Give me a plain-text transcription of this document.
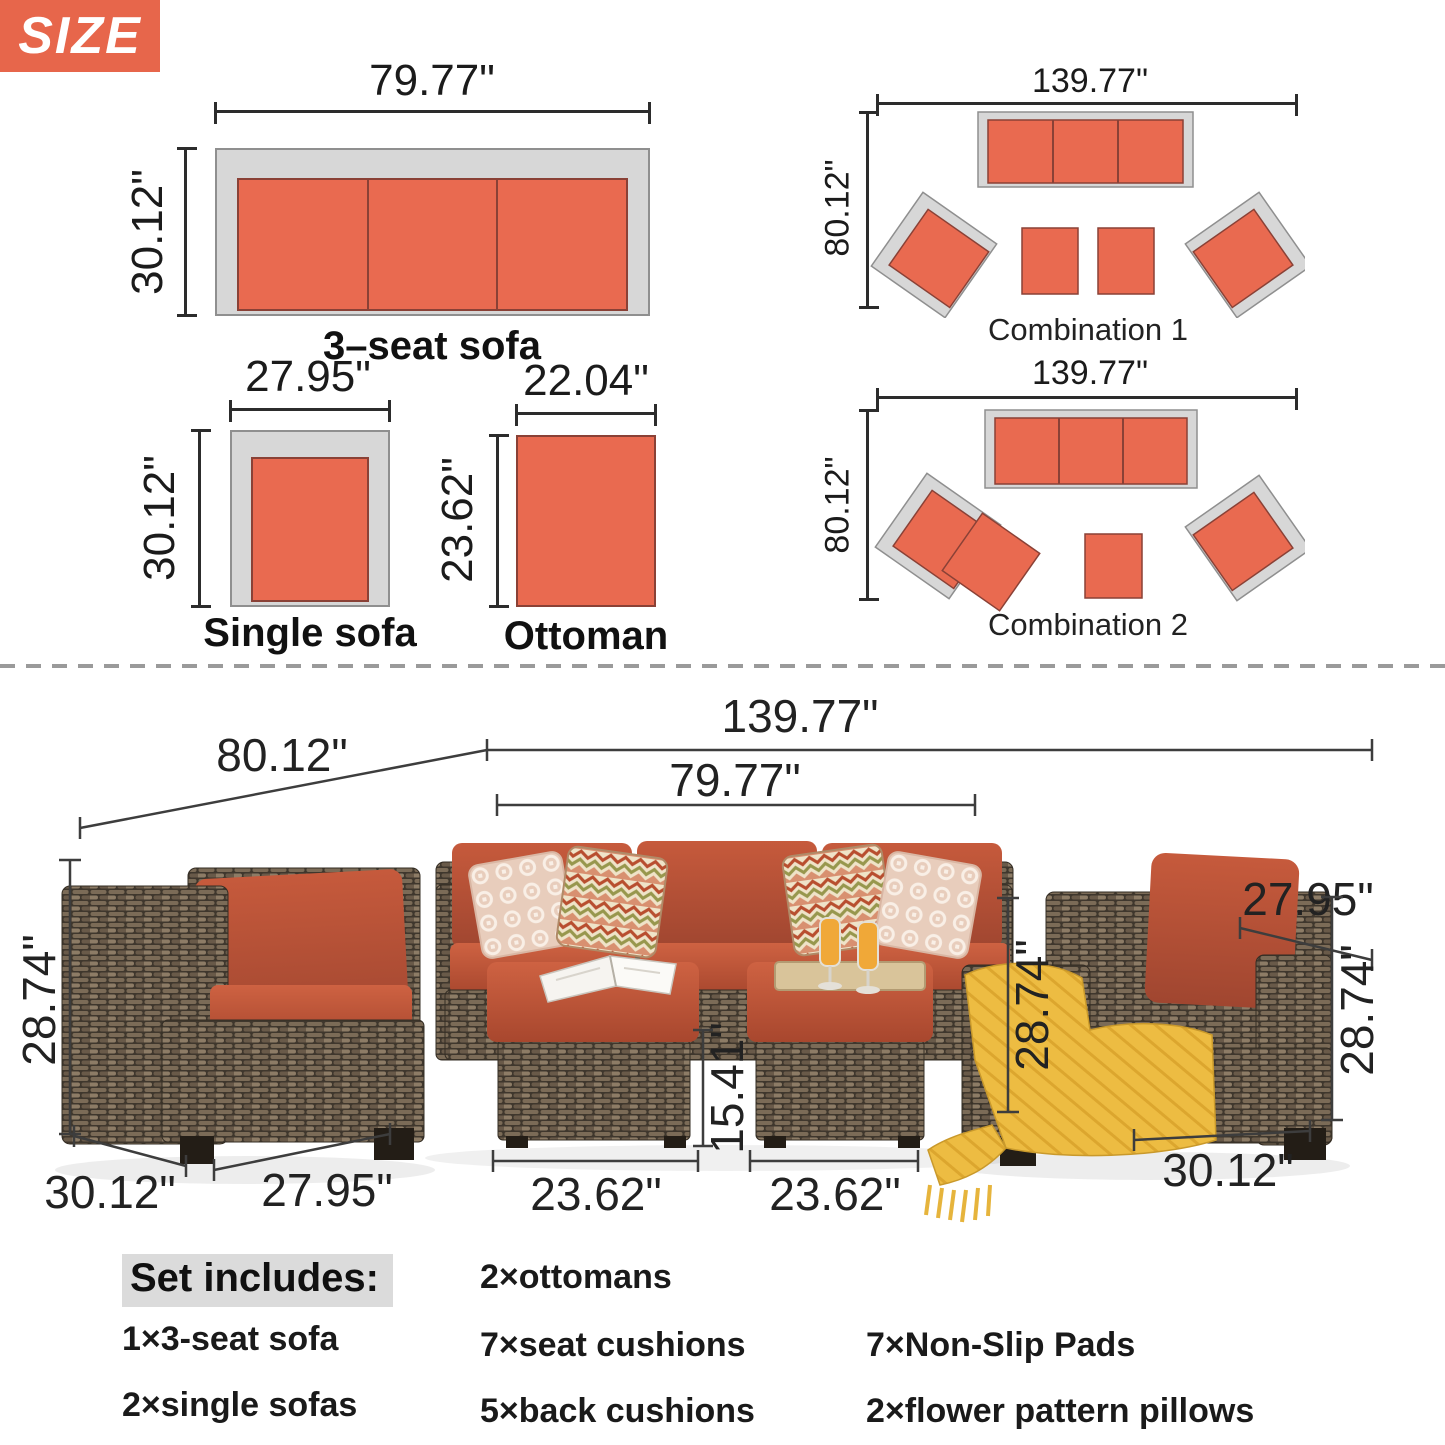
SIZE
79.77"
30.12"
3–seat sofa
27.95"
30.12"
Single sofa
22.04"
23.62"
Ottoman
139.77"
80.12"
Combination 1
139.77"
80.12"
Combination 2
80.12"
139.77"
79.77"
27.95"
28.74"	28.74"	28.74"
15.41"
30.12" 27.95"	23.62" 23.62"	30.12"
Set includes:
1×3-seat sofa
2×single sofas
2×ottomans
7×seat cushions
5×back cushions
7×Non-Slip Pads
2×flower pattern pillows
